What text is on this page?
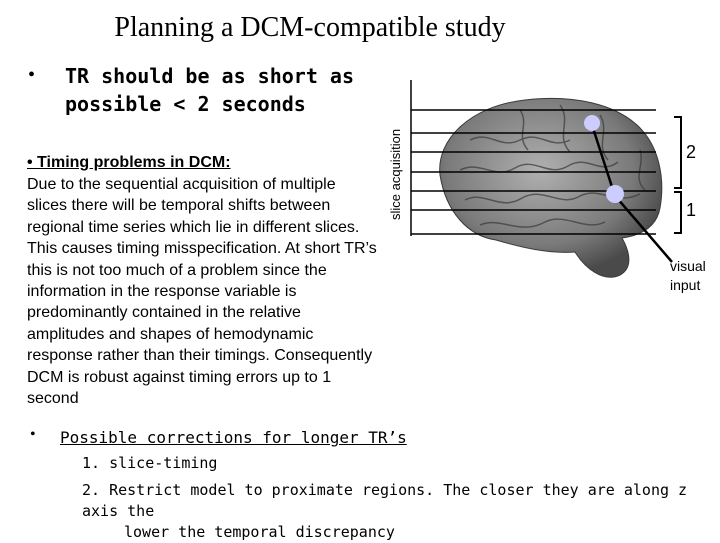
Planning a DCM-compatible study
• TR should be as short as possible < 2 seconds
• Timing problems in DCM:
Due to the sequential acquisition of multiple slices there will be temporal shifts between regional time series which lie in different slices. This causes timing misspecification. At short TR’s this is not too much of a problem since the information in the response variable is predominantly contained in the relative amplitudes and shapes of hemodynamic response rather than their timings. Consequently DCM is robust against timing errors up to 1 second
• Possible corrections for longer TR’s
1. slice-timing
2. Restrict model to proximate regions. The closer they are along z axis the
lower the temporal discrepancy
slice acquisition	2
1
visual
input
